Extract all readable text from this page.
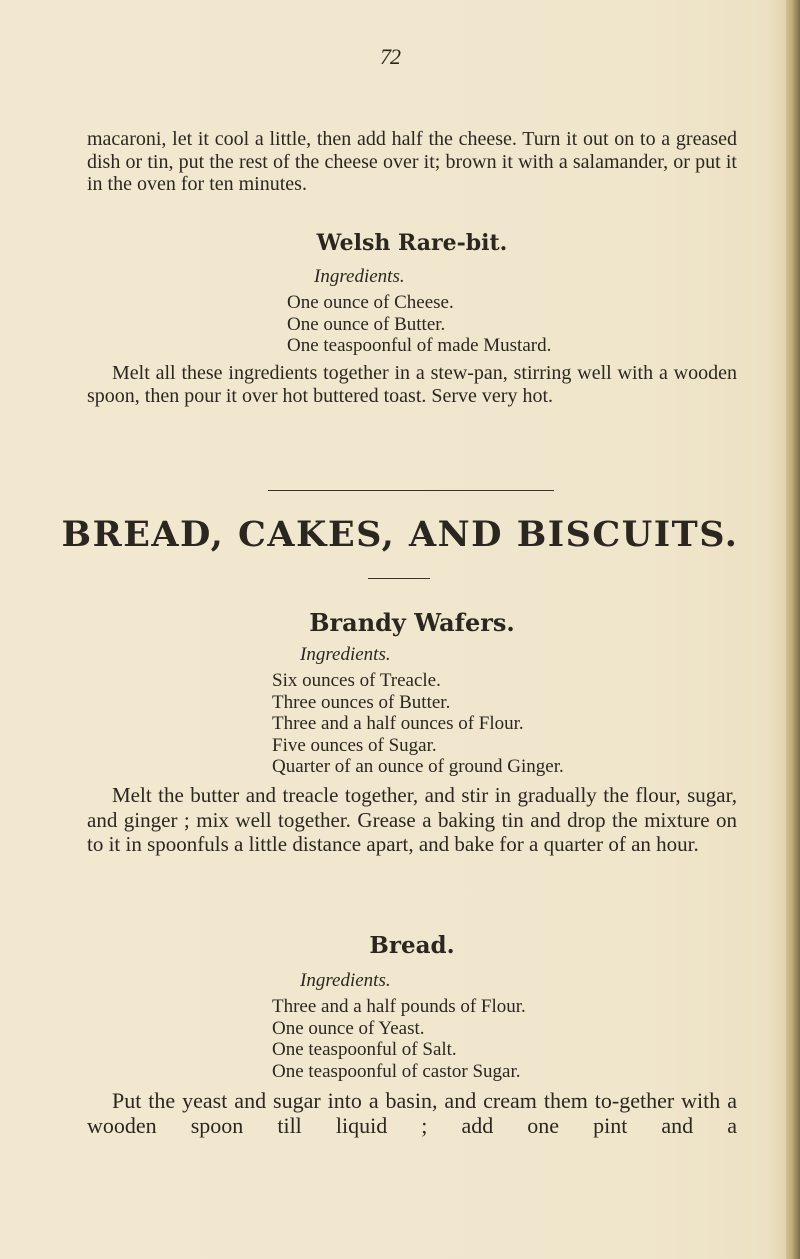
72

macaroni, let it cool a little, then add half the cheese. Turn it out on to a greased dish or tin, put the rest of the cheese over it; brown it with a salamander, or put it in the oven for ten minutes.

Welsh Rare-bit.
Ingredients.
One ounce of Cheese.
One ounce of Butter.
One teaspoonful of made Mustard.

Melt all these ingredients together in a stew-pan, stirring well with a wooden spoon, then pour it over hot buttered toast. Serve very hot.

BREAD, CAKES, AND BISCUITS.
Brandy Wafers.
Ingredients.
Six ounces of Treacle.
Three ounces of Butter.
Three and a half ounces of Flour.
Five ounces of Sugar.
Quarter of an ounce of ground Ginger.

Melt the butter and treacle together, and stir in gradually the flour, sugar, and ginger ; mix well together. Grease a baking tin and drop the mixture on to it in spoonfuls a little distance apart, and bake for a quarter of an hour.

Bread.
Ingredients.
Three and a half pounds of Flour.
One ounce of Yeast.
One teaspoonful of Salt.
One teaspoonful of castor Sugar.

Put the yeast and sugar into a basin, and cream them to-gether with a wooden spoon till liquid ; add one pint and a
